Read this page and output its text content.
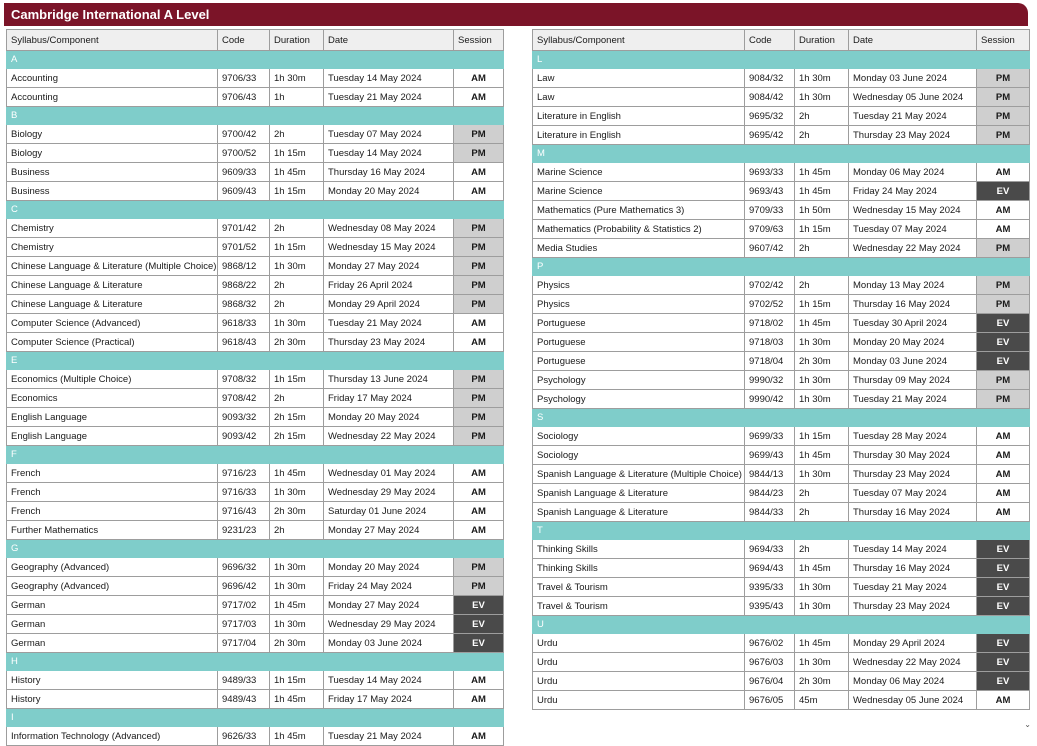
Cambridge International A Level
Syllabus/Component	Code	Duration	Date	Session
A				
Accounting	9706/33	1h 30m	Tuesday 14 May 2024	AM
Accounting	9706/43	1h	Tuesday 21 May 2024	AM
B				
Biology	9700/42	2h	Tuesday 07 May 2024	PM
Biology	9700/52	1h 15m	Tuesday 14 May 2024	PM
Business	9609/33	1h 45m	Thursday 16 May 2024	AM
Business	9609/43	1h 15m	Monday 20 May 2024	AM
C				
Chemistry	9701/42	2h	Wednesday 08 May 2024	PM
Chemistry	9701/52	1h 15m	Wednesday 15 May 2024	PM
Chinese Language & Literature (Multiple Choice)	9868/12	1h 30m	Monday 27 May 2024	PM
Chinese Language & Literature	9868/22	2h	Friday 26 April 2024	PM
Chinese Language & Literature	9868/32	2h	Monday 29 April 2024	PM
Computer Science (Advanced)	9618/33	1h 30m	Tuesday 21 May 2024	AM
Computer Science (Practical)	9618/43	2h 30m	Thursday 23 May 2024	AM
E				
Economics (Multiple Choice)	9708/32	1h 15m	Thursday 13 June 2024	PM
Economics	9708/42	2h	Friday 17 May 2024	PM
English Language	9093/32	2h 15m	Monday 20 May 2024	PM
English Language	9093/42	2h 15m	Wednesday 22 May 2024	PM
F				
French	9716/23	1h 45m	Wednesday 01 May 2024	AM
French	9716/33	1h 30m	Wednesday 29 May 2024	AM
French	9716/43	2h 30m	Saturday 01 June 2024	AM
Further Mathematics	9231/23	2h	Monday 27 May 2024	AM
G				
Geography (Advanced)	9696/32	1h 30m	Monday 20 May 2024	PM
Geography (Advanced)	9696/42	1h 30m	Friday 24 May 2024	PM
German	9717/02	1h 45m	Monday 27 May 2024	EV
German	9717/03	1h 30m	Wednesday 29 May 2024	EV
German	9717/04	2h 30m	Monday 03 June 2024	EV
H				
History	9489/33	1h 15m	Tuesday 14 May 2024	AM
History	9489/43	1h 45m	Friday 17 May 2024	AM
I				
Information Technology (Advanced)	9626/33	1h 45m	Tuesday 21 May 2024	AM
Syllabus/Component	Code	Duration	Date	Session
L				
Law	9084/32	1h 30m	Monday 03 June 2024	PM
Law	9084/42	1h 30m	Wednesday 05 June 2024	PM
Literature in English	9695/32	2h	Tuesday 21 May 2024	PM
Literature in English	9695/42	2h	Thursday 23 May 2024	PM
M				
Marine Science	9693/33	1h 45m	Monday 06 May 2024	AM
Marine Science	9693/43	1h 45m	Friday 24 May 2024	EV
Mathematics (Pure Mathematics 3)	9709/33	1h 50m	Wednesday 15 May 2024	AM
Mathematics (Probability & Statistics 2)	9709/63	1h 15m	Tuesday 07 May 2024	AM
Media Studies	9607/42	2h	Wednesday 22 May 2024	PM
P				
Physics	9702/42	2h	Monday 13 May 2024	PM
Physics	9702/52	1h 15m	Thursday 16 May 2024	PM
Portuguese	9718/02	1h 45m	Tuesday 30 April 2024	EV
Portuguese	9718/03	1h 30m	Monday 20 May 2024	EV
Portuguese	9718/04	2h 30m	Monday 03 June 2024	EV
Psychology	9990/32	1h 30m	Thursday 09 May 2024	PM
Psychology	9990/42	1h 30m	Tuesday 21 May 2024	PM
S				
Sociology	9699/33	1h 15m	Tuesday 28 May 2024	AM
Sociology	9699/43	1h 45m	Thursday 30 May 2024	AM
Spanish Language & Literature (Multiple Choice)	9844/13	1h 30m	Thursday 23 May 2024	AM
Spanish Language & Literature	9844/23	2h	Tuesday 07 May 2024	AM
Spanish Language & Literature	9844/33	2h	Thursday 16 May 2024	AM
T				
Thinking Skills	9694/33	2h	Tuesday 14 May 2024	EV
Thinking Skills	9694/43	1h 45m	Thursday 16 May 2024	EV
Travel & Tourism	9395/33	1h 30m	Tuesday 21 May 2024	EV
Travel & Tourism	9395/43	1h 30m	Thursday 23 May 2024	EV
U				
Urdu	9676/02	1h 45m	Monday 29 April 2024	EV
Urdu	9676/03	1h 30m	Wednesday 22 May 2024	EV
Urdu	9676/04	2h 30m	Monday 06 May 2024	EV
Urdu	9676/05	45m	Wednesday 05 June 2024	AM
⌄
